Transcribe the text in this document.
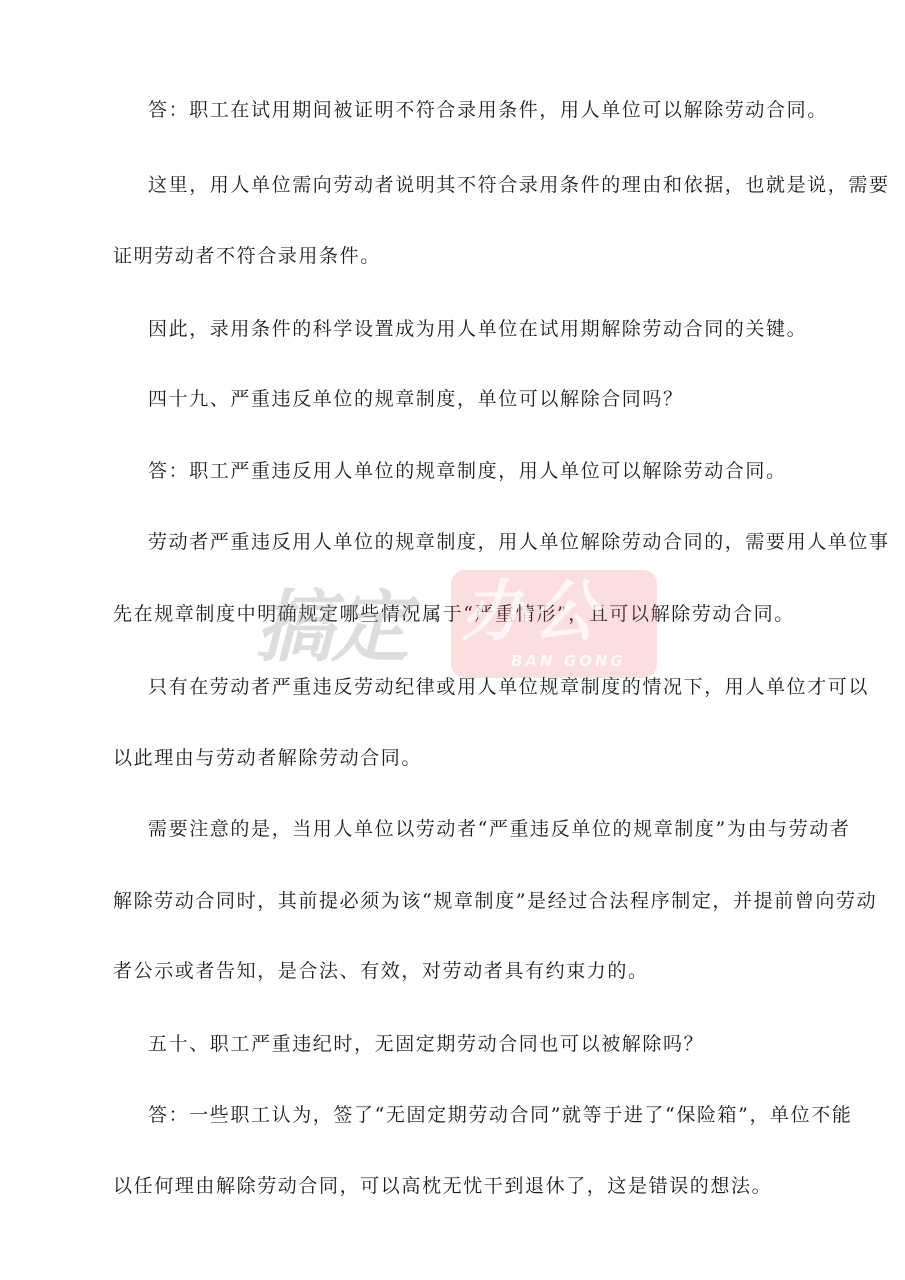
答：职工在试用期间被证明不符合录用条件，用人单位可以解除劳动合同。
这里，用人单位需向劳动者说明其不符合录用条件的理由和依据，也就是说，需要
证明劳动者不符合录用条件。
因此，录用条件的科学设置成为用人单位在试用期解除劳动合同的关键。
四十九、严重违反单位的规章制度，单位可以解除合同吗？
答：职工严重违反用人单位的规章制度，用人单位可以解除劳动合同。
劳动者严重违反用人单位的规章制度，用人单位解除劳动合同的，需要用人单位事
先在规章制度中明确规定哪些情况属于“严重情形”，且可以解除劳动合同。
只有在劳动者严重违反劳动纪律或用人单位规章制度的情况下，用人单位才可以
以此理由与劳动者解除劳动合同。
需要注意的是，当用人单位以劳动者“严重违反单位的规章制度”为由与劳动者
解除劳动合同时，其前提必须为该“规章制度”是经过合法程序制定，并提前曾向劳动
者公示或者告知，是合法、有效，对劳动者具有约束力的。
五十、职工严重违纪时，无固定期劳动合同也可以被解除吗？
答：一些职工认为，签了“无固定期劳动合同”就等于进了“保险箱”，单位不能
以任何理由解除劳动合同，可以高枕无忧干到退休了，这是错误的想法。
搞定 办公
BAN GONG
